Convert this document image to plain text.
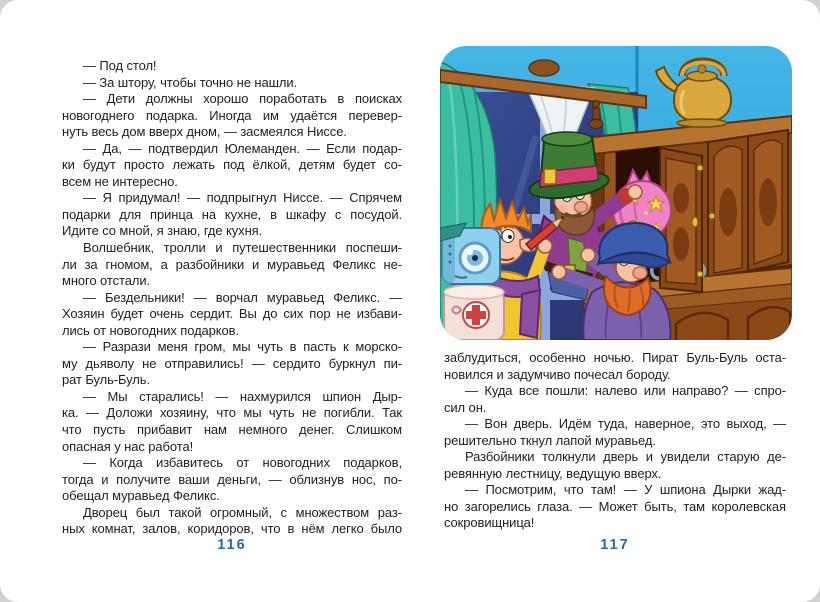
— Под стол!
— За штору, чтобы точно не нашли.
— Дети должны хорошо поработать в поисках
новогоднего подарка. Иногда им удаётся перевер-
нуть весь дом вверх дном, — засмеялся Ниссе.
— Да, — подтвердил Юлеманден. — Если подар-
ки будут просто лежать под ёлкой, детям будет со-
всем не интересно.
— Я придумал! — подпрыгнул Ниссе. — Спрячем
подарки для принца на кухне, в шкафу с посудой.
Идите со мной, я знаю, где кухня.
Волшебник, тролли и путешественники поспеши-
ли за гномом, а разбойники и муравьед Феликс не-
много отстали.
— Бездельники! — ворчал муравьед Феликс. —
Хозяин будет очень сердит. Вы до сих пор не избави-
лись от новогодних подарков.
— Разрази меня гром, мы чуть в пасть к морско-
му дьяволу не отправились! — сердито буркнул пи-
рат Буль-Буль.
— Мы старались! — нахмурился шпион Дыр-
ка. — Доложи хозяину, что мы чуть не погибли. Так
что пусть прибавит нам немного денег. Слишком
опасная у нас работа!
— Когда избавитесь от новогодних подарков,
тогда и получите ваши деньги, — облизнув нос, по-
обещал муравьед Феликс.
Дворец был такой огромный, с множеством раз-
ных комнат, залов, коридоров, что в нём легко было
заблудиться, особенно ночью. Пират Буль-Буль оста-
новился и задумчиво почесал бороду.
— Куда все пошли: налево или направо? — спро-
сил он.
— Вон дверь. Идём туда, наверное, это выход, —
решительно ткнул лапой муравьед.
Разбойники толкнули дверь и увидели старую де-
ревянную лестницу, ведущую вверх.
— Посмотрим, что там! — У шпиона Дырки жад-
но загорелись глаза. — Может быть, там королевская
сокровищница!
116	117
